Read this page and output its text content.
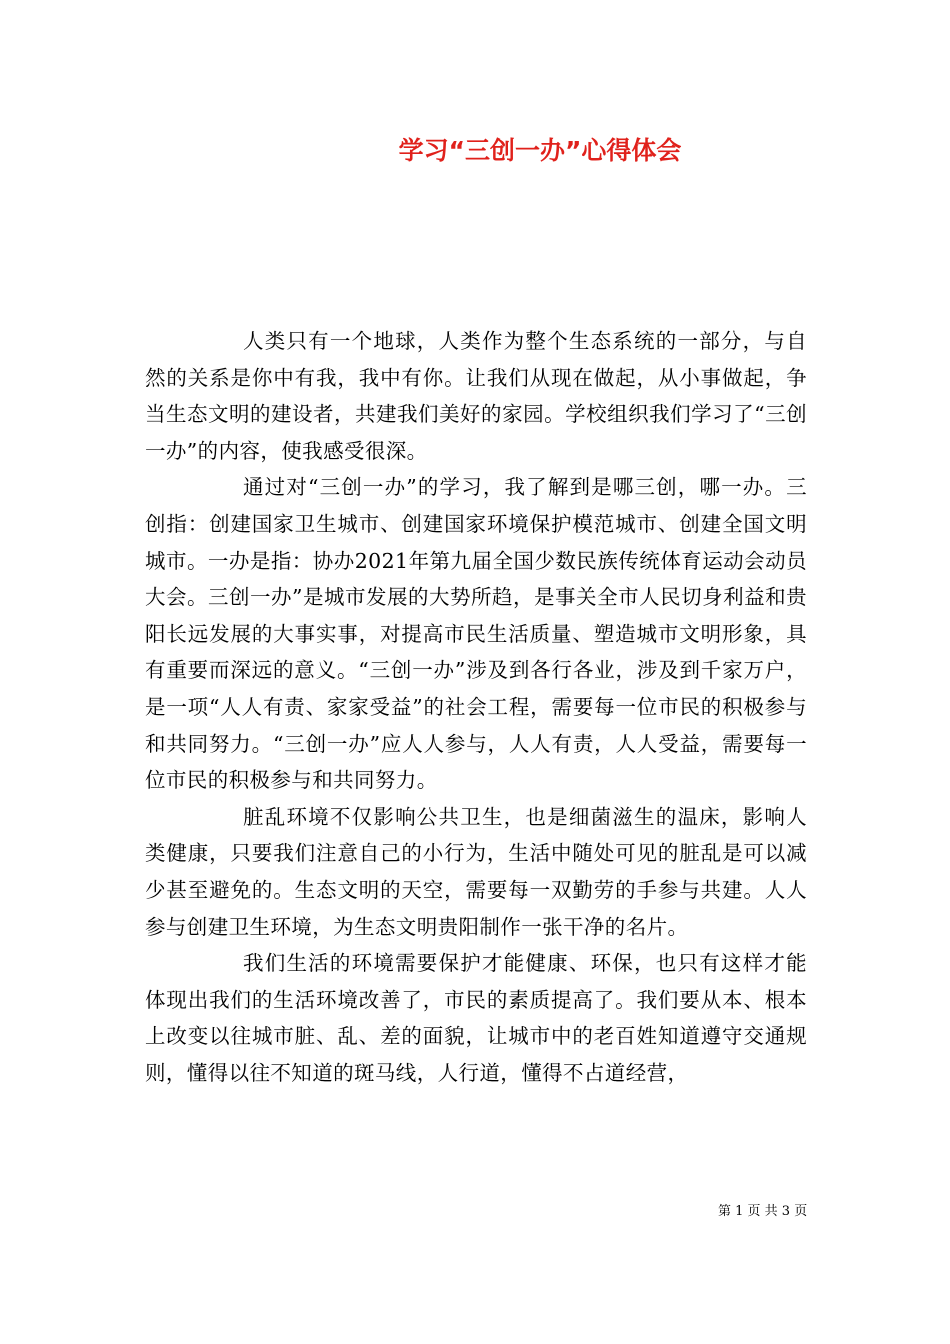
学习“三创一办”心得体会

人类只有一个地球，人类作为整个生态系统的一部分，与自然的关系是你中有我，我中有你。让我们从现在做起，从小事做起，争当生态文明的建设者，共建我们美好的家园。学校组织我们学习了“三创一办”的内容，使我感受很深。

通过对“三创一办”的学习，我了解到是哪三创，哪一办。三创指：创建国家卫生城市、创建国家环境保护模范城市、创建全国文明城市。一办是指：协办2021年第九届全国少数民族传统体育运动会动员大会。三创一办”是城市发展的大势所趋，是事关全市人民切身利益和贵阳长远发展的大事实事，对提高市民生活质量、塑造城市文明形象，具有重要而深远的意义。“三创一办”涉及到各行各业，涉及到千家万户，是一项“人人有责、家家受益”的社会工程，需要每一位市民的积极参与和共同努力。“三创一办”应人人参与，人人有责，人人受益，需要每一位市民的积极参与和共同努力。

脏乱环境不仅影响公共卫生，也是细菌滋生的温床，影响人类健康，只要我们注意自己的小行为，生活中随处可见的脏乱是可以减少甚至避免的。生态文明的天空，需要每一双勤劳的手参与共建。人人参与创建卫生环境，为生态文明贵阳制作一张干净的名片。

我们生活的环境需要保护才能健康、环保，也只有这样才能体现出我们的生活环境改善了，市民的素质提高了。我们要从本、根本上改变以往城市脏、乱、差的面貌，让城市中的老百姓知道遵守交通规则，懂得以往不知道的斑马线，人行道，懂得不占道经营，

第 1 页 共 3 页
